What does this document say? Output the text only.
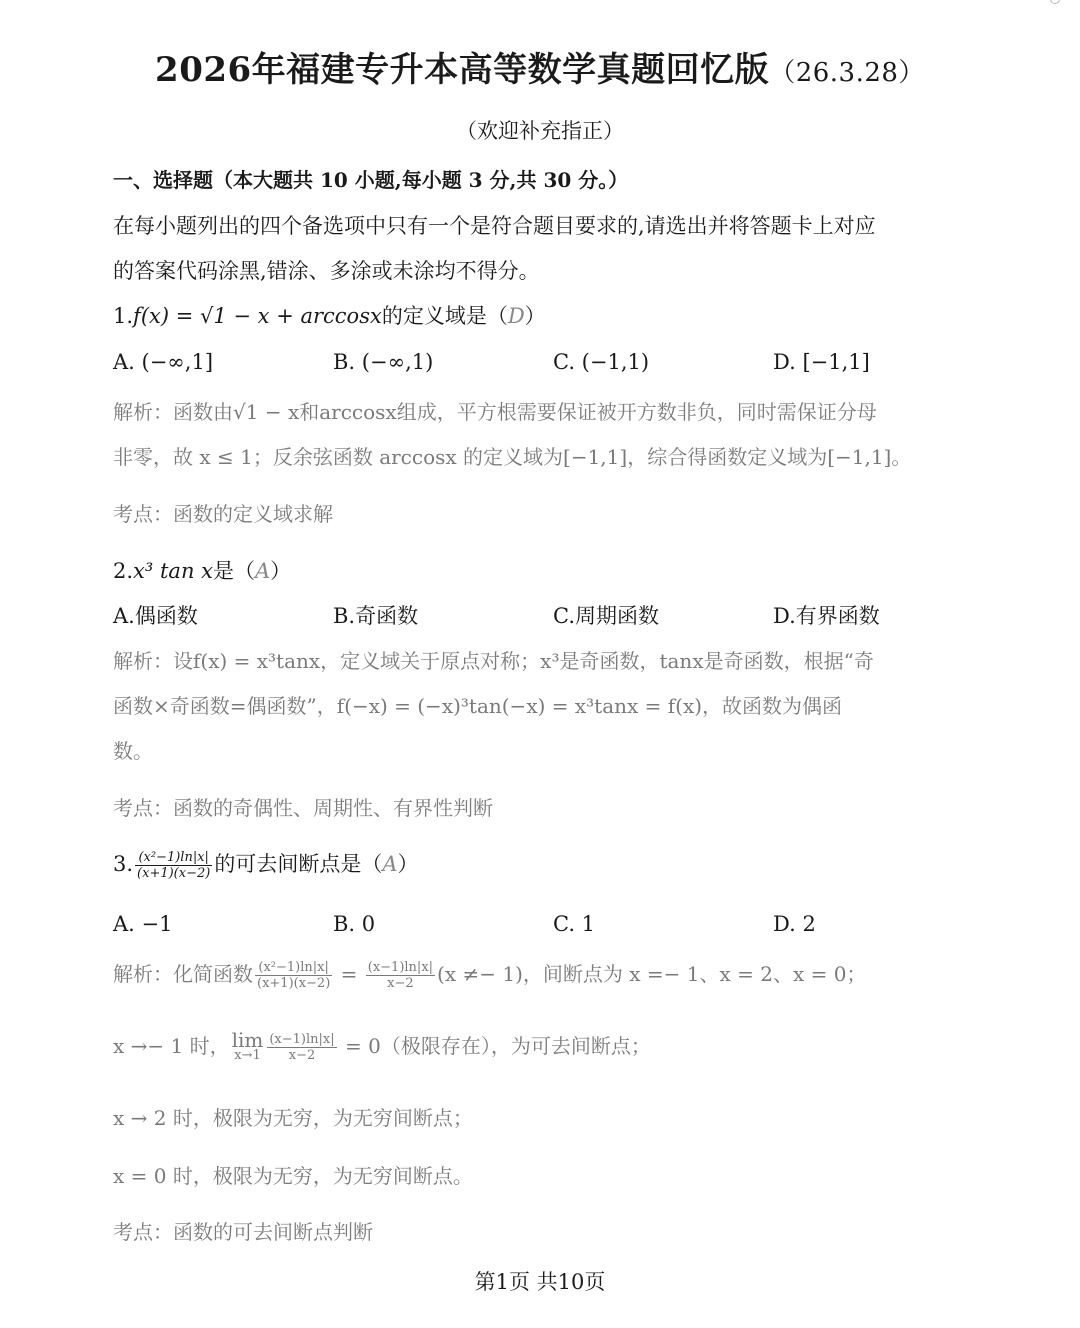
2026年福建专升本高等数学真题回忆版（26.3.28）
（欢迎补充指正）
一、选择题（本大题共 10 小题,每小题 3 分,共 30 分。）
在每小题列出的四个备选项中只有一个是符合题目要求的,请选出并将答题卡上对应
的答案代码涂黑,错涂、多涂或未涂均不得分。
1.f(x) = √1 − x + arccosx的定义域是（D）
A. (−∞,1]	B. (−∞,1)	C. (−1,1)	D. [−1,1]
解析：函数由√1 − x和arccosx组成，平方根需要保证被开方数非负，同时需保证分母
非零，故 x ≤ 1；反余弦函数 arccosx 的定义域为[−1,1]，综合得函数定义域为[−1,1]。
考点：函数的定义域求解
2.x³ tan x是（A）
A.偶函数	B.奇函数	C.周期函数	D.有界函数
解析：设f(x) = x³tanx，定义域关于原点对称；x³是奇函数，tanx是奇函数，根据“奇
函数×奇函数=偶函数”，f(−x) = (−x)³tan(−x) = x³tanx = f(x)，故函数为偶函
数。
考点：函数的奇偶性、周期性、有界性判断
3. $\frac{\text{(x²−1)ln|x|}}{(x+1)(x-2)}$ 的可去间断点是（A）
A. −1	B. 0	C. 1	D. 2
解析：化简函数 $\frac{\text{(x²−1)ln|x|}}{(x+1)(x-2)} = \frac{(x-1)\ln|x|}{x-2} (x \ne- 1)$，间断点为 x =− 1、x = 2、x = 0；
x →− 1 时， lim
$x\to 1 \frac{(x-1)\ln|x|}{x-2} = 0$（极限存在），为可去间断点；
x → 2 时，极限为无穷，为无穷间断点；
x = 0 时，极限为无穷，为无穷间断点。
考点：函数的可去间断点判断
第1页 共10页
